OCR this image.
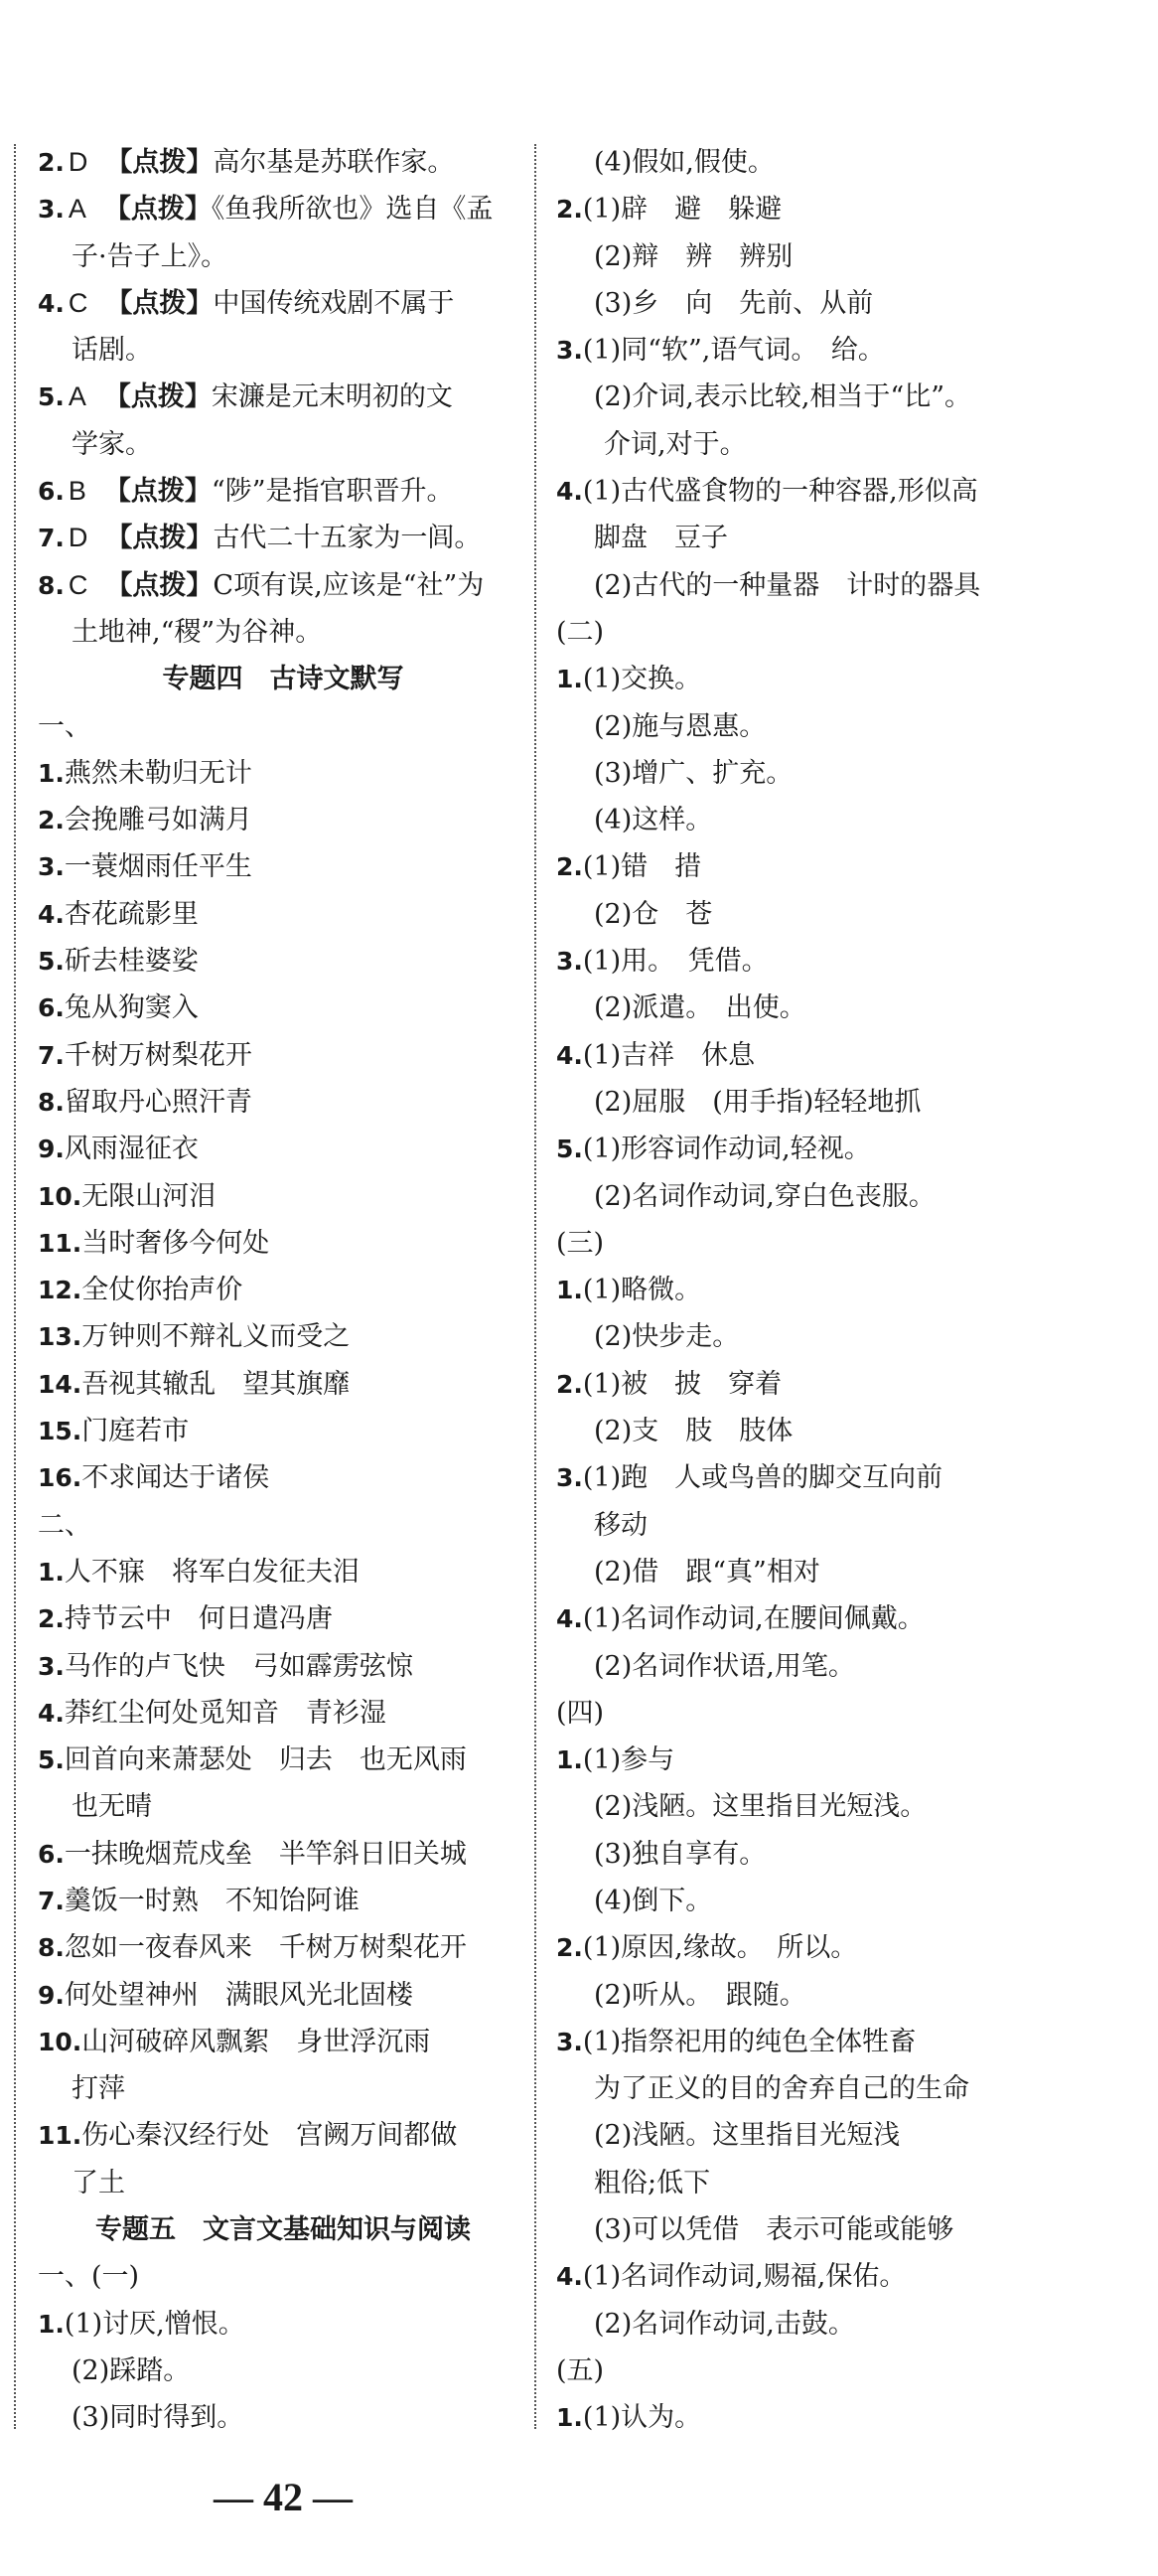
2. D 【点拨】高尔基是苏联作家。
3. A 【点拨】《鱼我所欲也》选自《孟
子·告子上》。
4. C 【点拨】中国传统戏剧不属于
话剧。
5. A 【点拨】宋濂是元末明初的文
学家。
6. B 【点拨】“陟”是指官职晋升。
7. D 【点拨】古代二十五家为一闾。
8. C 【点拨】C项有误,应该是“社”为
土地神,“稷”为谷神。
专题四　古诗文默写
一、
1.燕然未勒归无计
2.会挽雕弓如满月
3.一蓑烟雨任平生
4.杏花疏影里
5.斫去桂婆娑
6.兔从狗窦入
7.千树万树梨花开
8.留取丹心照汗青
9.风雨湿征衣
10.无限山河泪
11.当时奢侈今何处
12.全仗你抬声价
13.万钟则不辩礼义而受之
14.吾视其辙乱　望其旗靡
15.门庭若市
16.不求闻达于诸侯
二、
1.人不寐　将军白发征夫泪
2.持节云中　何日遣冯唐
3.马作的卢飞快　弓如霹雳弦惊
4.莽红尘何处觅知音　青衫湿
5.回首向来萧瑟处　归去　也无风雨
也无晴
6.一抹晚烟荒戍垒　半竿斜日旧关城
7.羹饭一时熟　不知饴阿谁
8.忽如一夜春风来　千树万树梨花开
9.何处望神州　满眼风光北固楼
10.山河破碎风飘絮　身世浮沉雨
打萍
11.伤心秦汉经行处　宫阙万间都做
了土
专题五　文言文基础知识与阅读
一、(一)
1.(1)讨厌,憎恨。
(2)踩踏。
(3)同时得到。
(4)假如,假使。
2.(1)辟　避　躲避
(2)辩　辨　辨别
(3)乡　向　先前、从前
3.(1)同“软”,语气词。　给。
(2)介词,表示比较,相当于“比”。
介词,对于。
4.(1)古代盛食物的一种容器,形似高
脚盘　豆子
(2)古代的一种量器　计时的器具
(二)
1.(1)交换。
(2)施与恩惠。
(3)增广、扩充。
(4)这样。
2.(1)错　措
(2)仓　苍
3.(1)用。　凭借。
(2)派遣。　出使。
4.(1)吉祥　休息
(2)屈服　(用手指)轻轻地抓
5.(1)形容词作动词,轻视。
(2)名词作动词,穿白色丧服。
(三)
1.(1)略微。
(2)快步走。
2.(1)被　披　穿着
(2)支　肢　肢体
3.(1)跑　人或鸟兽的脚交互向前
移动
(2)借　跟“真”相对
4.(1)名词作动词,在腰间佩戴。
(2)名词作状语,用笔。
(四)
1.(1)参与
(2)浅陋。这里指目光短浅。
(3)独自享有。
(4)倒下。
2.(1)原因,缘故。　所以。
(2)听从。　跟随。
3.(1)指祭祀用的纯色全体牲畜
为了正义的目的舍弃自己的生命
(2)浅陋。这里指目光短浅
粗俗;低下
(3)可以凭借　表示可能或能够
4.(1)名词作动词,赐福,保佑。
(2)名词作动词,击鼓。
(五)
1.(1)认为。
— 42 —
